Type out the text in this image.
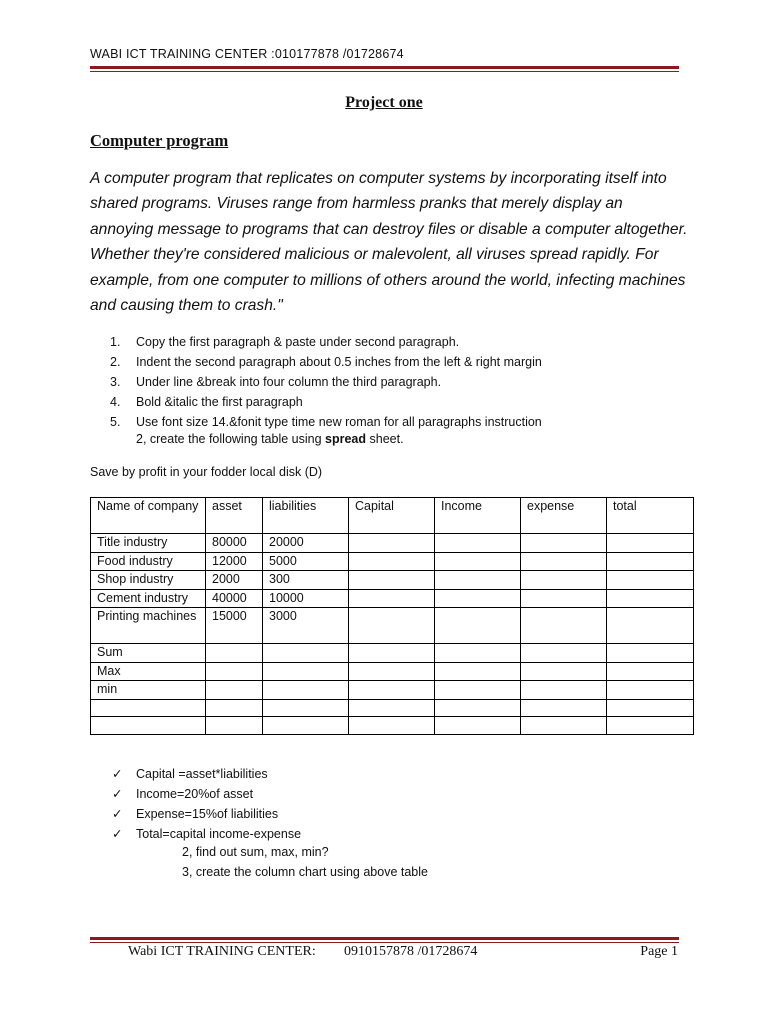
WABI ICT TRAINING CENTER :010177878 /01728674
Project one
Computer program
A computer program that replicates on computer systems by incorporating itself into shared programs. Viruses range from harmless pranks that merely display an annoying message to programs that can destroy files or disable a computer altogether. Whether they're considered malicious or malevolent, all viruses spread rapidly. For example, from one computer to millions of others around the world, infecting machines and causing them to crash."
1. Copy the first paragraph & paste under second paragraph.
2. Indent the second paragraph about 0.5 inches from the left & right margin
3. Under line &break into four column the third paragraph.
4. Bold &italic the first paragraph
5. Use font size 14.&fonit type time new roman for all paragraphs instruction
2, create the following table using spread sheet.
Save by profit in your fodder local disk (D)
Name of company	asset	liabilities	Capital	Income	expense	total
Title industry	80000	20000				
Food industry	12000	5000				
Shop industry	2000	300				
Cement industry	40000	10000				
Printing machines	15000	3000				
Sum						
Max						
min						

✓ Capital =asset*liabilities
✓ Income=20%of asset
✓ Expense=15%of liabilities
✓ Total=capital income-expense
2, find out sum, max, min?
3, create the column chart using above table
Wabi ICT TRAINING CENTER: 0910157878 /01728674	Page 1
